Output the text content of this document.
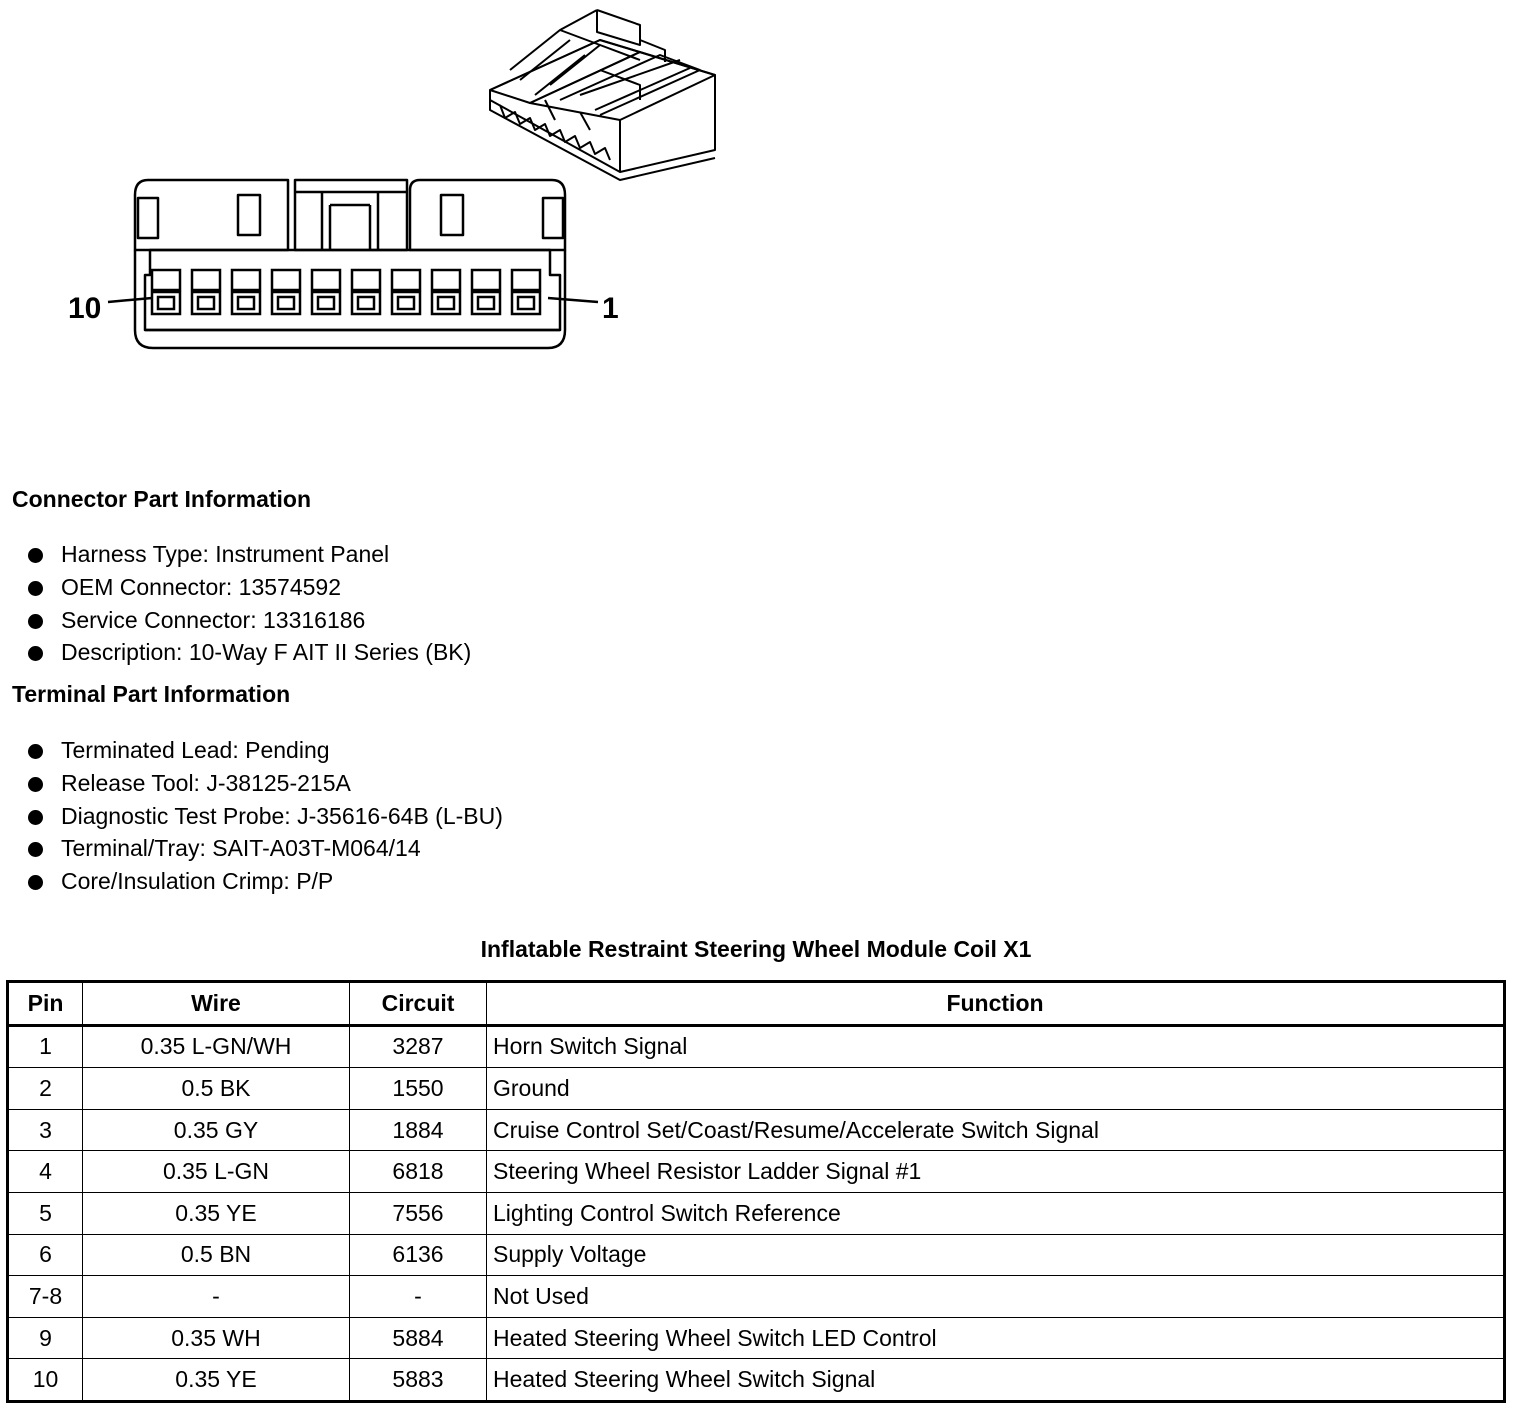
10	1
Connector Part Information
Harness Type: Instrument Panel
OEM Connector: 13574592
Service Connector: 13316186
Description: 10-Way F AIT II Series (BK)
Terminal Part Information
Terminated Lead: Pending
Release Tool: J-38125-215A
Diagnostic Test Probe: J-35616-64B (L-BU)
Terminal/Tray: SAIT-A03T-M064/14
Core/Insulation Crimp: P/P
Inflatable Restraint Steering Wheel Module Coil X1
Pin	Wire	Circuit	Function
1	0.35 L-GN/WH	3287	Horn Switch Signal
2	0.5 BK	1550	Ground
3	0.35 GY	1884	Cruise Control Set/Coast/Resume/Accelerate Switch Signal
4	0.35 L-GN	6818	Steering Wheel Resistor Ladder Signal #1
5	0.35 YE	7556	Lighting Control Switch Reference
6	0.5 BN	6136	Supply Voltage
7-8	-	-	Not Used
9	0.35 WH	5884	Heated Steering Wheel Switch LED Control
10	0.35 YE	5883	Heated Steering Wheel Switch Signal
